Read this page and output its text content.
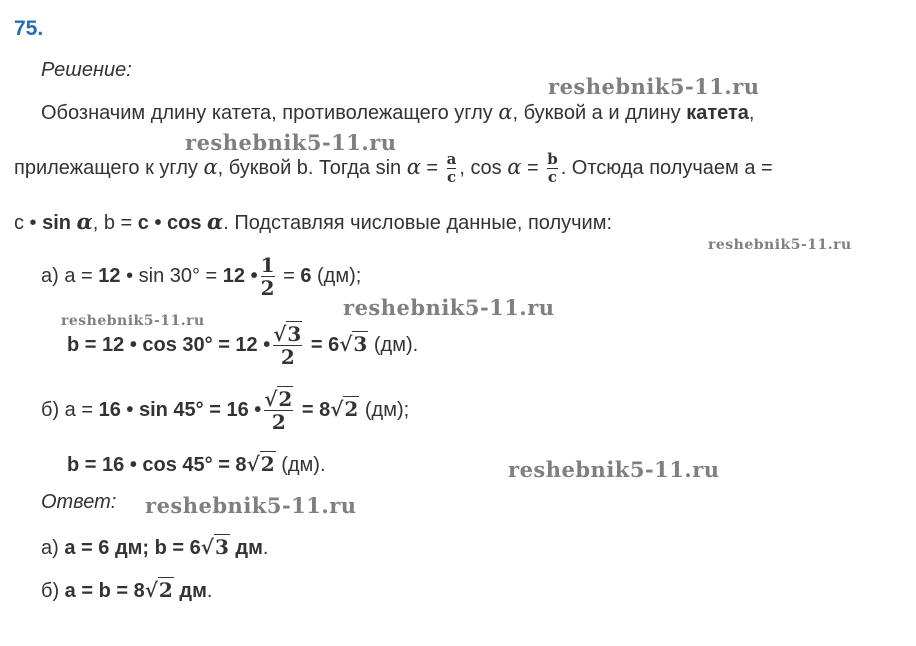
75.
Решение:
Обозначим длину катета, противолежащего углу α, буквой а и длину катета,
прилежащего к углу α, буквой b. Тогда $\sin \alpha = \frac{a}{c}$ , $\cos \alpha = \frac{b}{c}$ . Отсюда получаем а =
c • sin α, b = c • cos α. Подставляя числовые данные, получим:
а) a = 12 • sin 30° = 12 • $\frac{1}{2} = 6$ (дм);
b = 12 • cos 30° = 12 • $\frac{√3}{2} = 6√3$ (дм).
б) a = 16 • sin 45° = 16 • $\frac{√2}{2} = 8√2$ (дм);
b = 16 • cos 45° = 8√2 (дм).
Ответ:
а) a = 6 дм; b = 6√3 дм.
б) a = b = 8√2 дм.
reshebnik5-11.ru
reshebnik5-11.ru
reshebnik5-11.ru
reshebnik5-11.ru
reshebnik5-11.ru
reshebnik5-11.ru
reshebnik5-11.ru
